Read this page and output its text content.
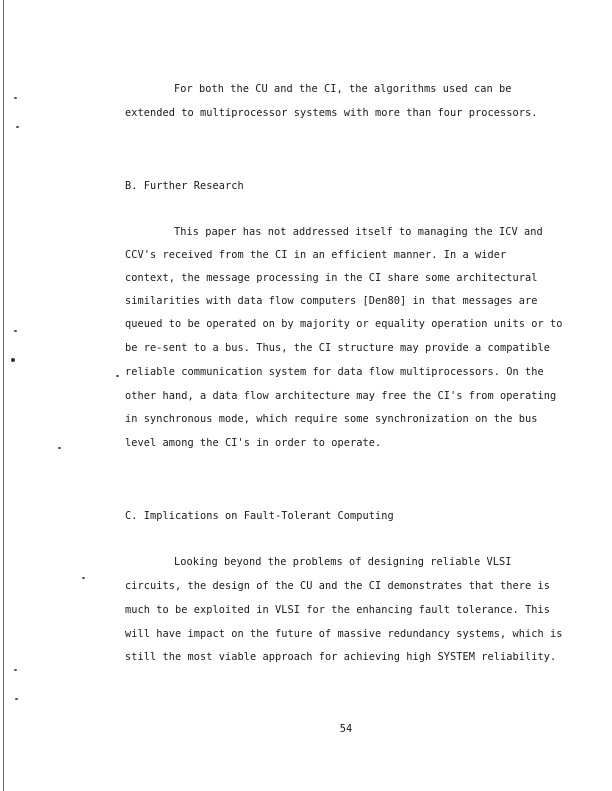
For both the CU and the CI, the algorithms used can be
extended to multiprocessor systems with more than four processors.
B. Further Research
This paper has not addressed itself to managing the ICV and
CCV's received from the CI in an efficient manner. In a wider
context, the message processing in the CI share some architectural
similarities with data flow computers [Den80] in that messages are
queued to be operated on by majority or equality operation units or to
be re-sent to a bus. Thus, the CI structure may provide a compatible
reliable communication system for data flow multiprocessors. On the
other hand, a data flow architecture may free the CI's from operating
in synchronous mode, which require some synchronization on the bus
level among the CI's in order to operate.
C. Implications on Fault-Tolerant Computing
Looking beyond the problems of designing reliable VLSI
circuits, the design of the CU and the CI demonstrates that there is
much to be exploited in VLSI for the enhancing fault tolerance. This
will have impact on the future of massive redundancy systems, which is
still the most viable approach for achieving high SYSTEM reliability.
54
